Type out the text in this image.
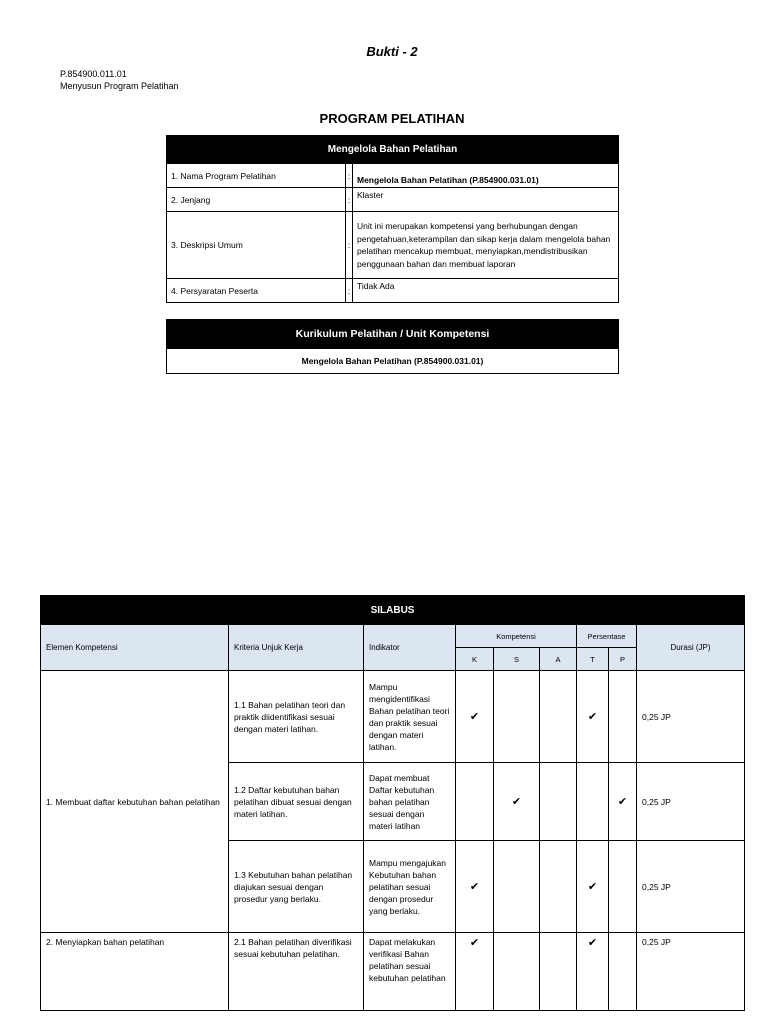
Bukti - 2
P.854900.011.01
Menyusun Program Pelatihan
PROGRAM PELATIHAN
Mengelola Bahan Pelatihan		
1. Nama Program Pelatihan	:	Mengelola Bahan Pelatihan (P.854900.031.01)
2. Jenjang	:	Klaster
3. Deskripsi Umum	:	Unit ini merupakan kompetensi yang berhubungan dengan pengetahuan,keterampilan dan sikap kerja dalam mengelola bahan pelatihan mencakup membuat, menyiapkan,mendistribusikan penggunaan bahan dan membuat laporan
4. Persyaratan Peserta	:	Tidak Ada
Kurikulum Pelatihan / Unit Kompetensi
Mengelola Bahan Pelatihan (P.854900.031.01)
SILABUS								
Elemen Kompetensi	Kriteria Unjuk Kerja	Indikator	Kompetensi			Persentase		Durasi (JP)
			K	S	A	T	P	
1. Membuat daftar kebutuhan bahan pelatihan	1.1 Bahan pelatihan teori dan praktik diidentifikasi sesuai dengan materi latihan.	Mampu mengidentifikasi Bahan pelatihan teori dan praktik sesuai dengan materi latihan.	✔			✔		0,25 JP
	1.2 Daftar kebutuhan bahan pelatihan dibuat sesuai dengan materi latihan.	Dapat membuat Daftar kebutuhan bahan pelatihan sesuai dengan materi latihan		✔			✔	0,25 JP
	1.3 Kebutuhan bahan pelatihan diajukan sesuai dengan prosedur yang berlaku.	Mampu mengajukan Kebutuhan bahan pelatihan sesuai dengan prosedur yang berlaku.	✔			✔		0,25 JP
2. Menyiapkan bahan pelatihan	2.1 Bahan pelatihan diverifikasi sesuai kebutuhan pelatihan.	Dapat melakukan verifikasi Bahan pelatihan sesuai kebutuhan pelatihan	✔			✔		0,25 JP
